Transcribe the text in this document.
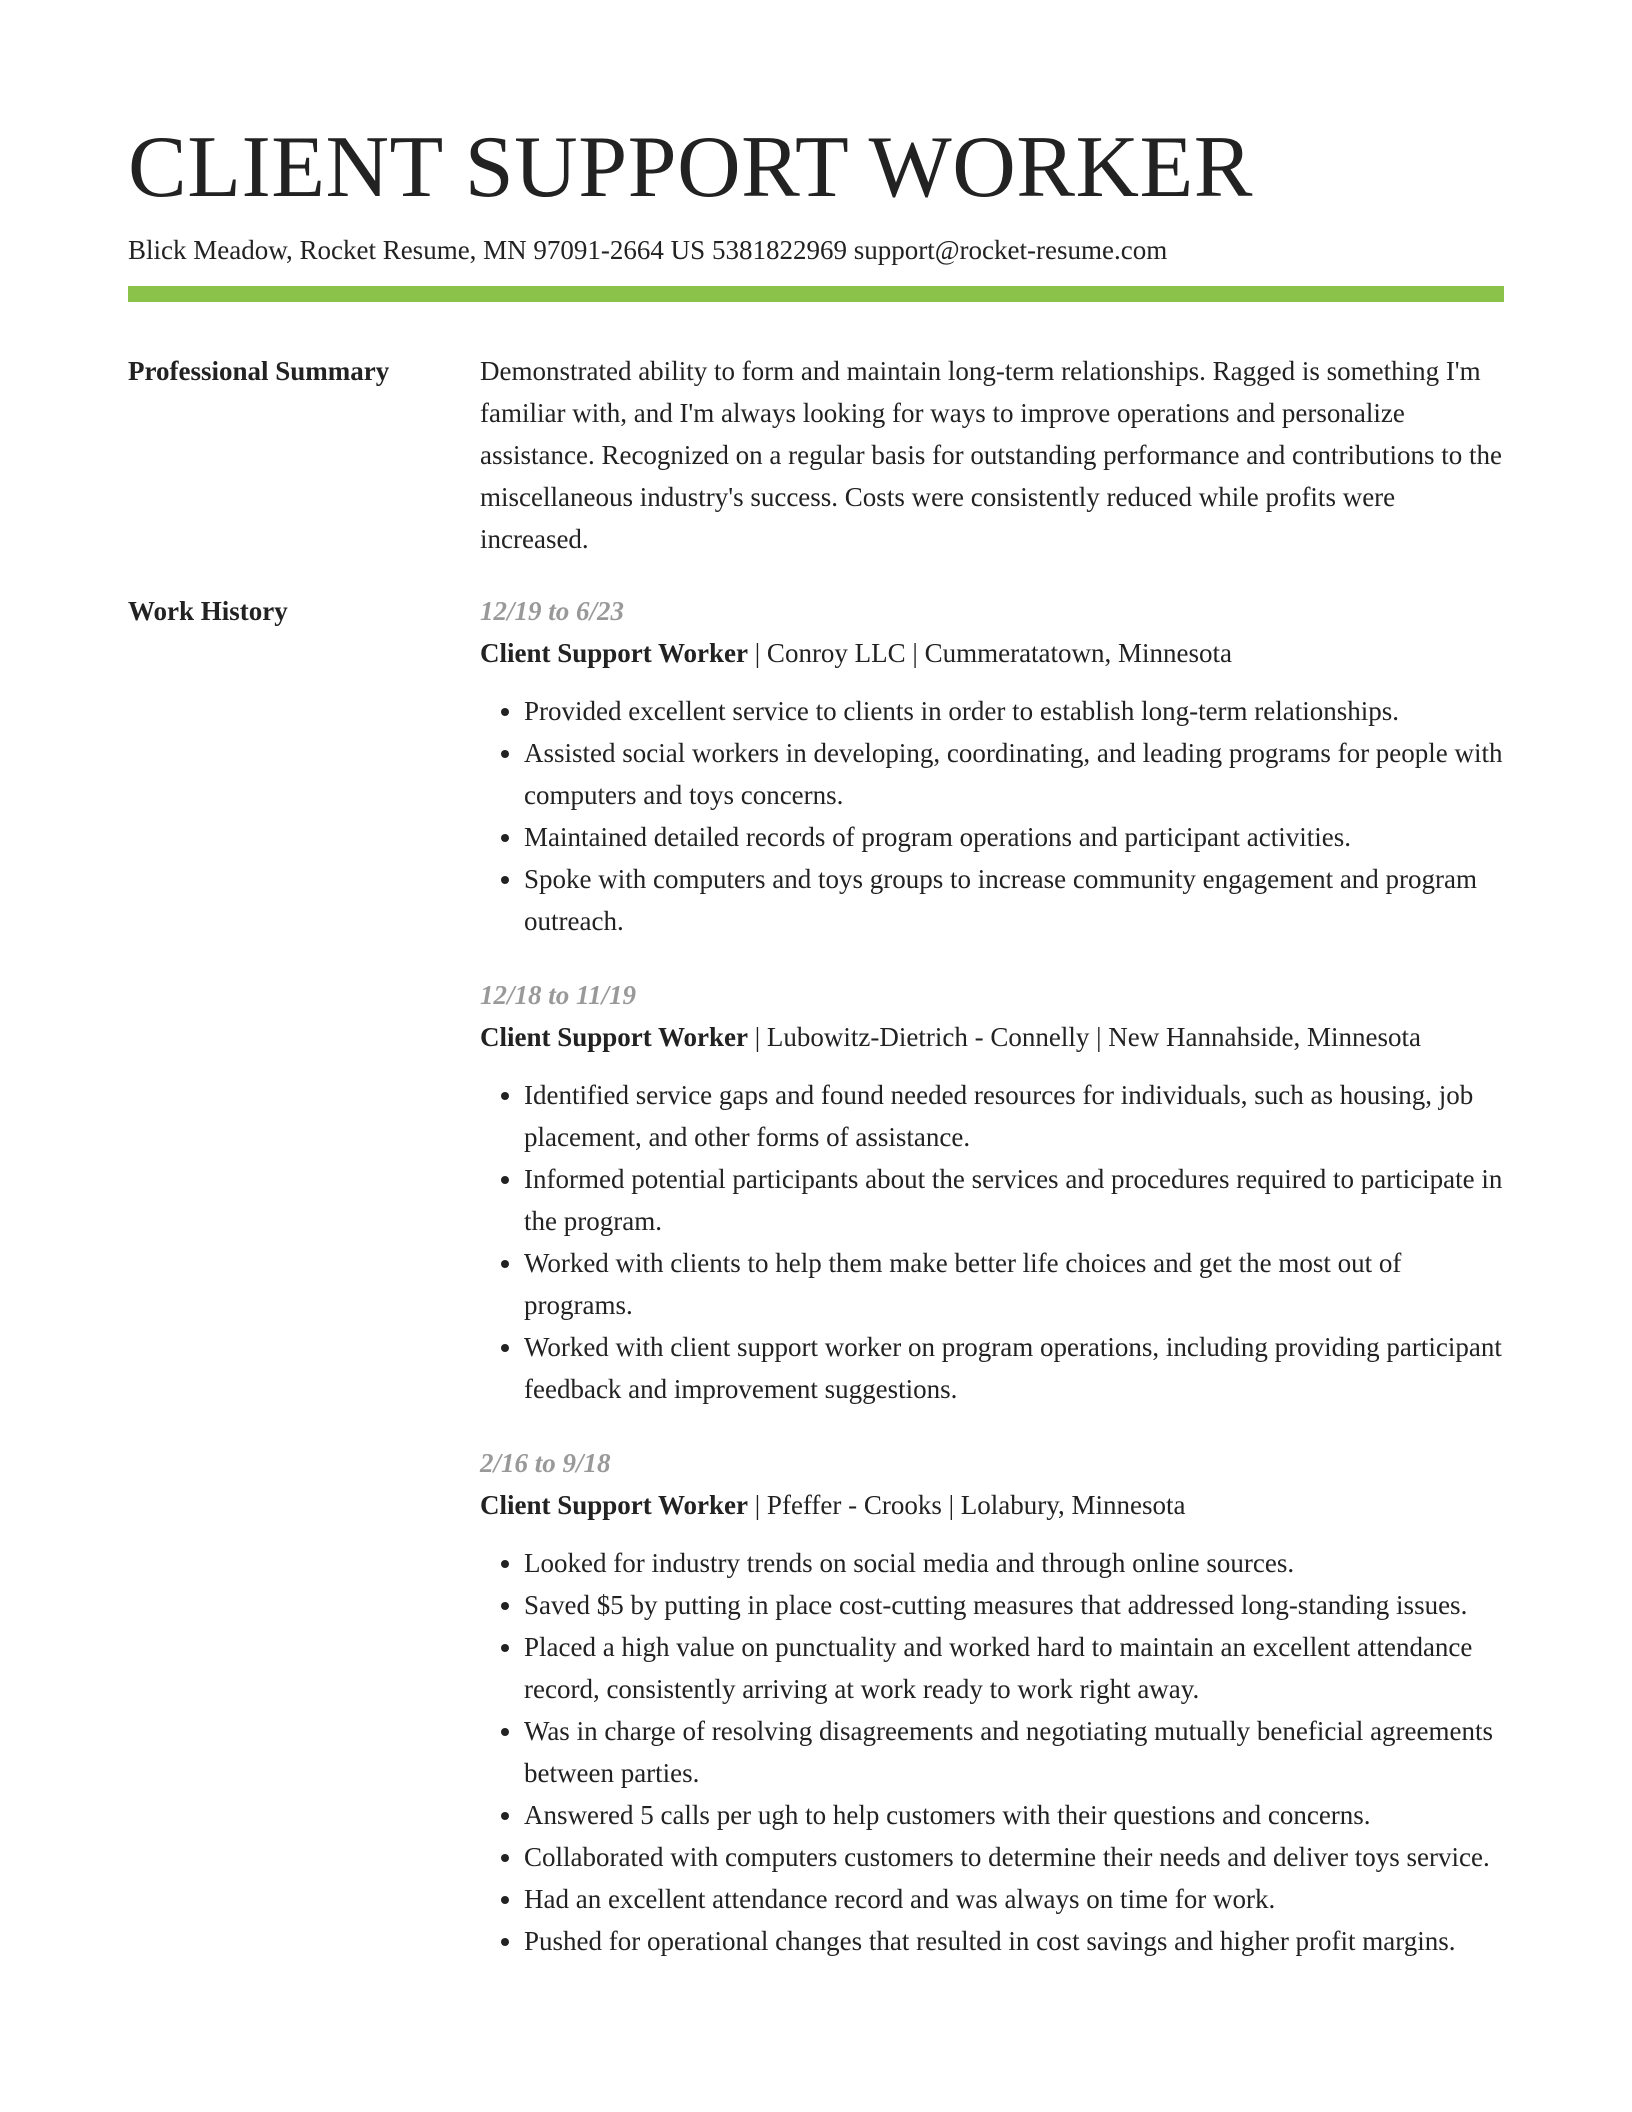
CLIENT SUPPORT WORKER
Blick Meadow, Rocket Resume, MN 97091-2664 US 5381822969 support@rocket-resume.com
Professional Summary	Demonstrated ability to form and maintain long-term relationships. Ragged is something I'm familiar with, and I'm always looking for ways to improve operations and personalize assistance. Recognized on a regular basis for outstanding performance and contributions to the miscellaneous industry's success. Costs were consistently reduced while profits were increased.

Work History	12/19 to 6/23
Client Support Worker | Conroy LLC | Cummeratatown, Minnesota
• Provided excellent service to clients in order to establish long-term relationships.
• Assisted social workers in developing, coordinating, and leading programs for people with computers and toys concerns.
• Maintained detailed records of program operations and participant activities.
• Spoke with computers and toys groups to increase community engagement and program outreach.
12/18 to 11/19
Client Support Worker | Lubowitz-Dietrich - Connelly | New Hannahside, Minnesota
• Identified service gaps and found needed resources for individuals, such as housing, job placement, and other forms of assistance.
• Informed potential participants about the services and procedures required to participate in the program.
• Worked with clients to help them make better life choices and get the most out of programs.
• Worked with client support worker on program operations, including providing participant feedback and improvement suggestions.
2/16 to 9/18
Client Support Worker | Pfeffer - Crooks | Lolabury, Minnesota
• Looked for industry trends on social media and through online sources.
• Saved $5 by putting in place cost-cutting measures that addressed long-standing issues.
• Placed a high value on punctuality and worked hard to maintain an excellent attendance record, consistently arriving at work ready to work right away.
• Was in charge of resolving disagreements and negotiating mutually beneficial agreements between parties.
• Answered 5 calls per ugh to help customers with their questions and concerns.
• Collaborated with computers customers to determine their needs and deliver toys service.
• Had an excellent attendance record and was always on time for work.
• Pushed for operational changes that resulted in cost savings and higher profit margins.
